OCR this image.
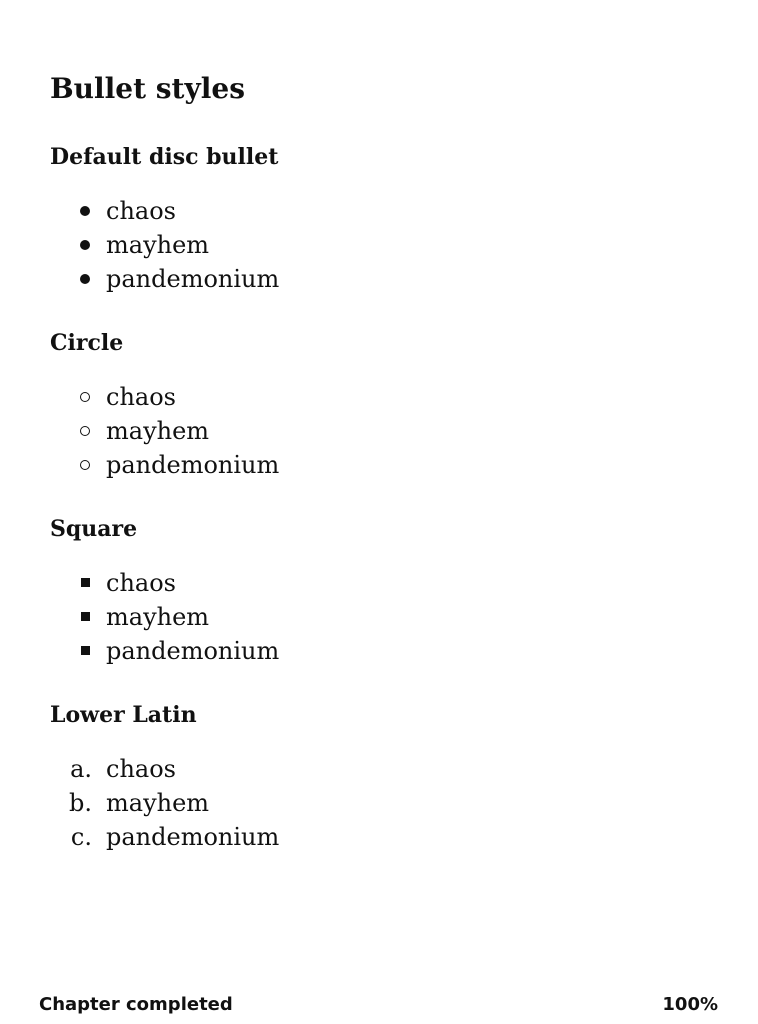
Bullet styles
Default disc bullet
chaos
mayhem
pandemonium
Circle
chaos
mayhem
pandemonium
Square
chaos
mayhem
pandemonium
Lower Latin
a. chaos
b. mayhem
c. pandemonium
Chapter completed	100%
